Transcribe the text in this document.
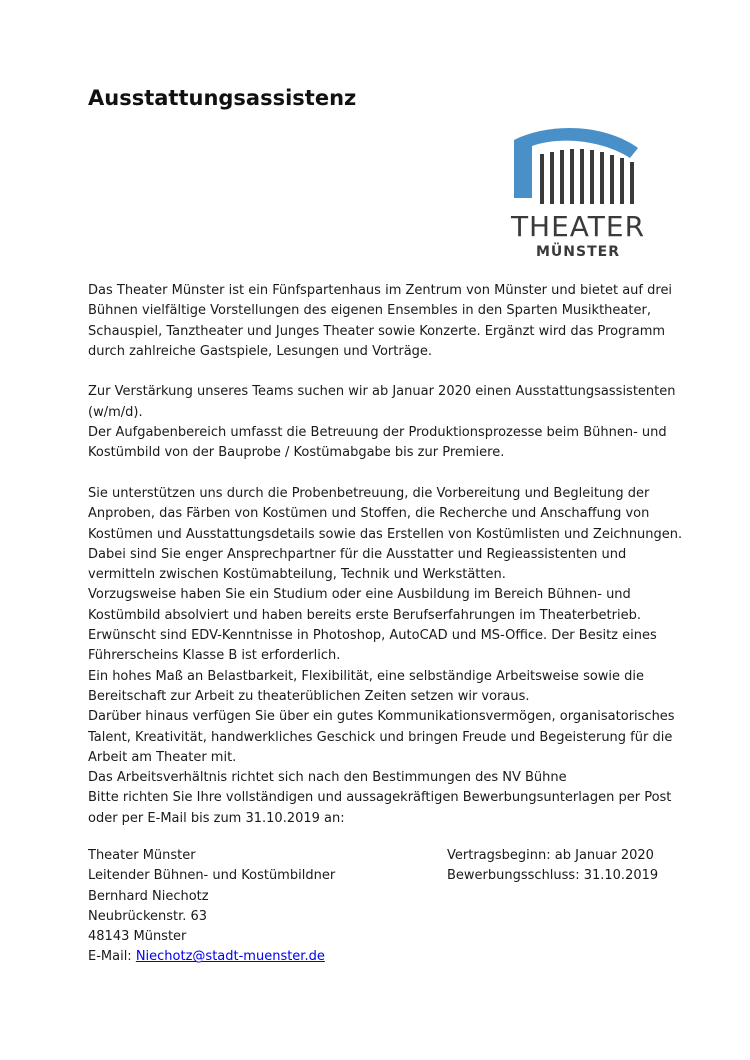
Ausstattungsassistenz
THEATER
MÜNSTER

Das Theater Münster ist ein Fünfspartenhaus im Zentrum von Münster und bietet auf drei Bühnen vielfältige Vorstellungen des eigenen Ensembles in den Sparten Musiktheater, Schauspiel, Tanztheater und Junges Theater sowie Konzerte. Ergänzt wird das Programm durch zahlreiche Gastspiele, Lesungen und Vorträge.

Zur Verstärkung unseres Teams suchen wir ab Januar 2020 einen Ausstattungsassistenten (w/m/d).

Der Aufgabenbereich umfasst die Betreuung der Produktionsprozesse beim Bühnen- und Kostümbild von der Bauprobe / Kostümabgabe bis zur Premiere.

Sie unterstützen uns durch die Probenbetreuung, die Vorbereitung und Begleitung der Anproben, das Färben von Kostümen und Stoffen, die Recherche und Anschaffung von Kostümen und Ausstattungsdetails sowie das Erstellen von Kostümlisten und Zeichnungen. Dabei sind Sie enger Ansprechpartner für die Ausstatter und Regieassistenten und vermitteln zwischen Kostümabteilung, Technik und Werkstätten.

Vorzugsweise haben Sie ein Studium oder eine Ausbildung im Bereich Bühnen- und Kostümbild absolviert und haben bereits erste Berufserfahrungen im Theaterbetrieb.

Erwünscht sind EDV-Kenntnisse in Photoshop, AutoCAD und MS-Office. Der Besitz eines Führerscheins Klasse B ist erforderlich.

Ein hohes Maß an Belastbarkeit, Flexibilität, eine selbständige Arbeitsweise sowie die Bereitschaft zur Arbeit zu theaterüblichen Zeiten setzen wir voraus.

Darüber hinaus verfügen Sie über ein gutes Kommunikationsvermögen, organisatorisches Talent, Kreativität, handwerkliches Geschick und bringen Freude und Begeisterung für die Arbeit am Theater mit.

Das Arbeitsverhältnis richtet sich nach den Bestimmungen des NV Bühne

Bitte richten Sie Ihre vollständigen und aussagekräftigen Bewerbungsunterlagen per Post oder per E-Mail bis zum 31.10.2019 an:

Theater Münster
Leitender Bühnen- und Kostümbildner
Bernhard Niechotz
Neubrückenstr. 63
48143 Münster
E-Mail: Niechotz@stadt-muenster.de
Vertragsbeginn: ab Januar 2020
Bewerbungsschluss: 31.10.2019
